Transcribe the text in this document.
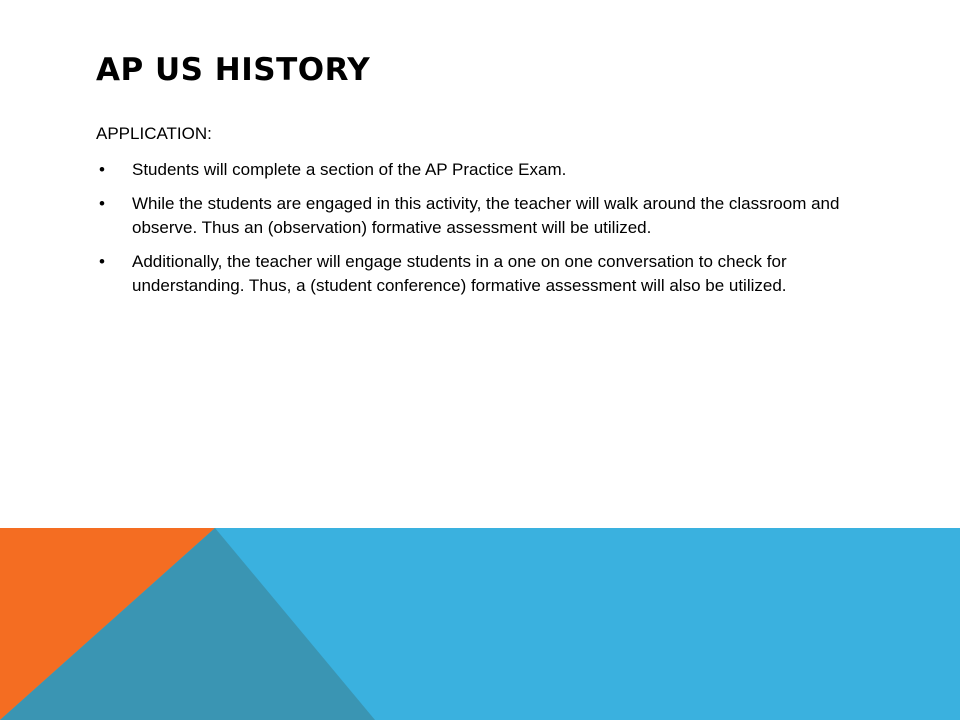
AP US HISTORY

APPLICATION:

• Students will complete a section of the AP Practice Exam.
• While the students are engaged in this activity, the teacher will walk around the classroom and observe. Thus an (observation) formative assessment will be utilized.
• Additionally, the teacher will engage students in a one on one conversation to check for understanding. Thus, a (student conference) formative assessment will also be utilized.
